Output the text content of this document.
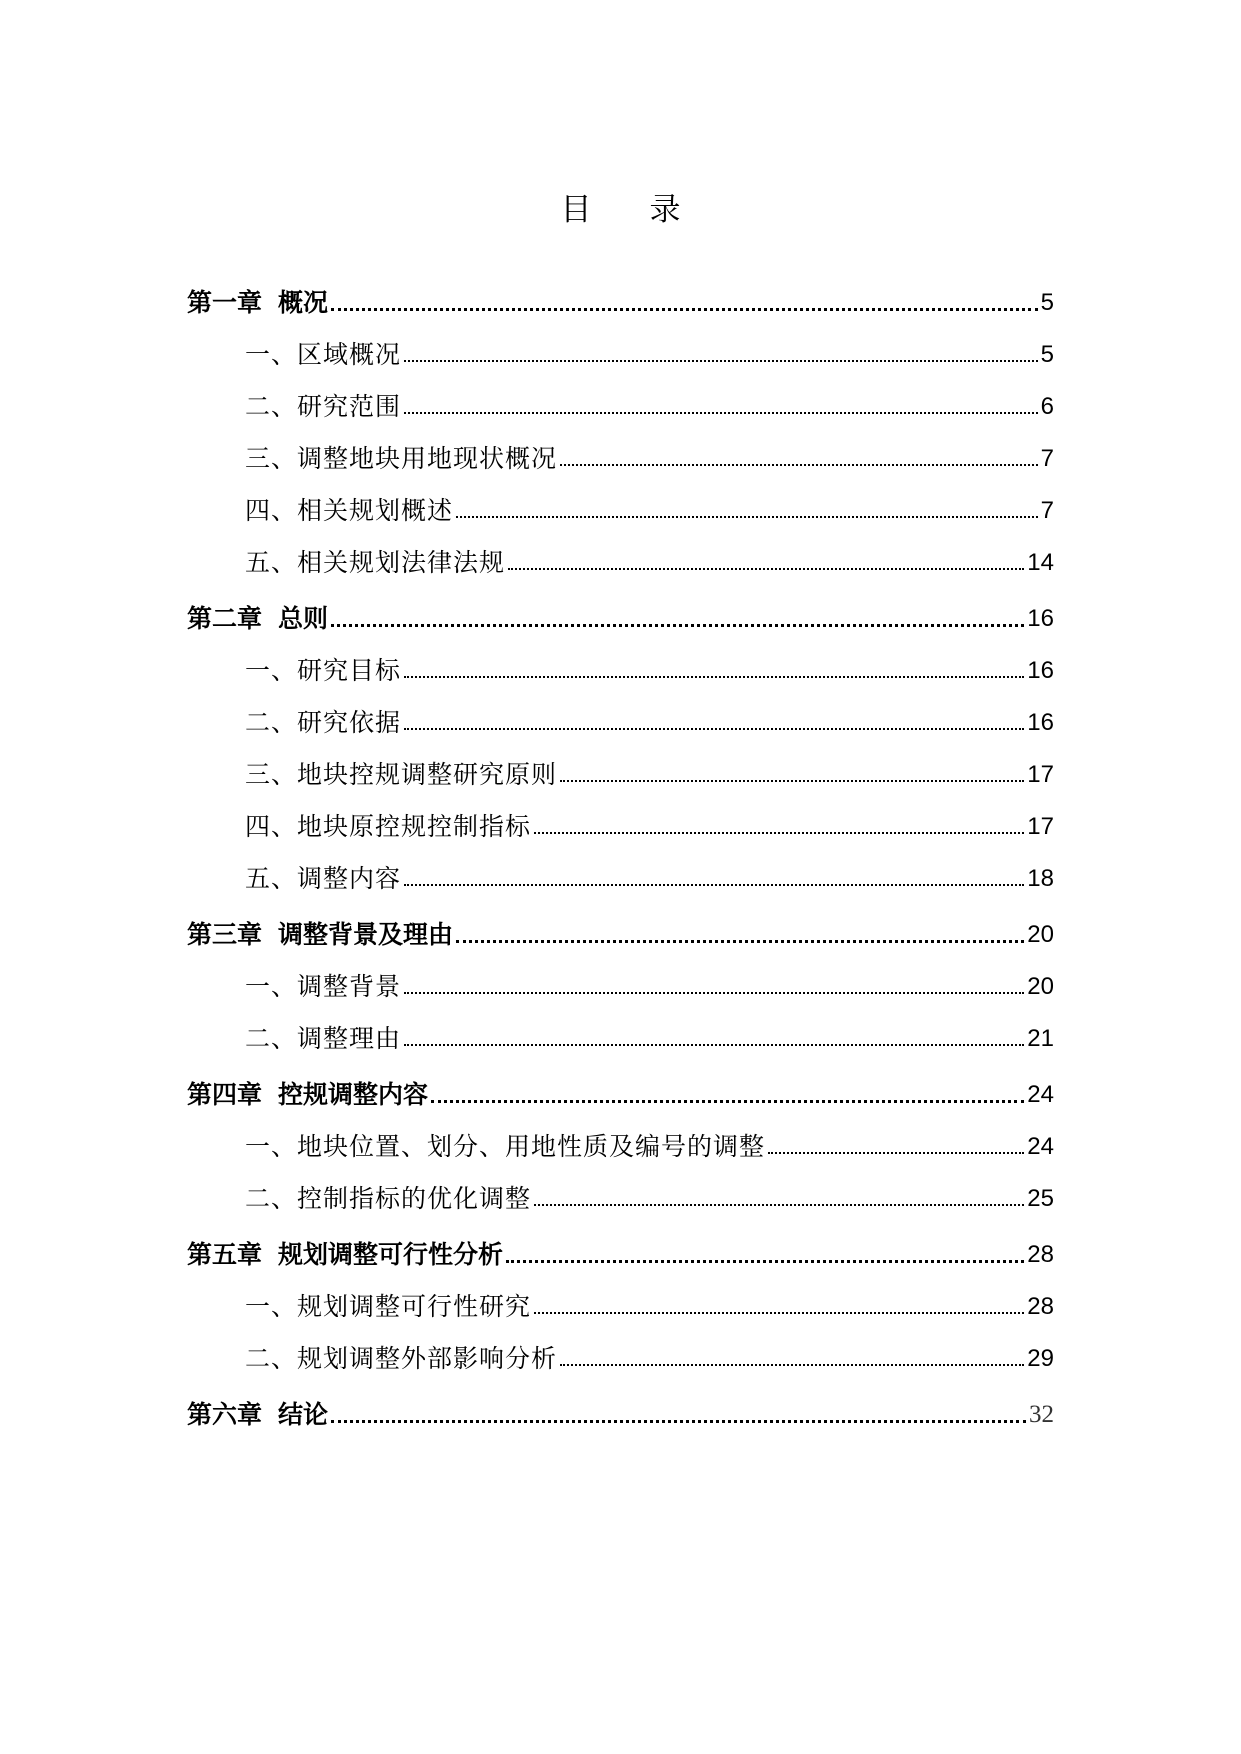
目 录
第一章 概况	5
一、区域概况	5
二、研究范围	6
三、调整地块用地现状概况	7
四、相关规划概述	7
五、相关规划法律法规	14
第二章 总则	16
一、研究目标	16
二、研究依据	16
三、地块控规调整研究原则	17
四、地块原控规控制指标	17
五、调整内容	18
第三章 调整背景及理由	20
一、调整背景	20
二、调整理由	21
第四章 控规调整内容	24
一、地块位置、划分、用地性质及编号的调整	24
二、控制指标的优化调整	25
第五章 规划调整可行性分析	28
一、规划调整可行性研究	28
二、规划调整外部影响分析	29
第六章 结论	32
